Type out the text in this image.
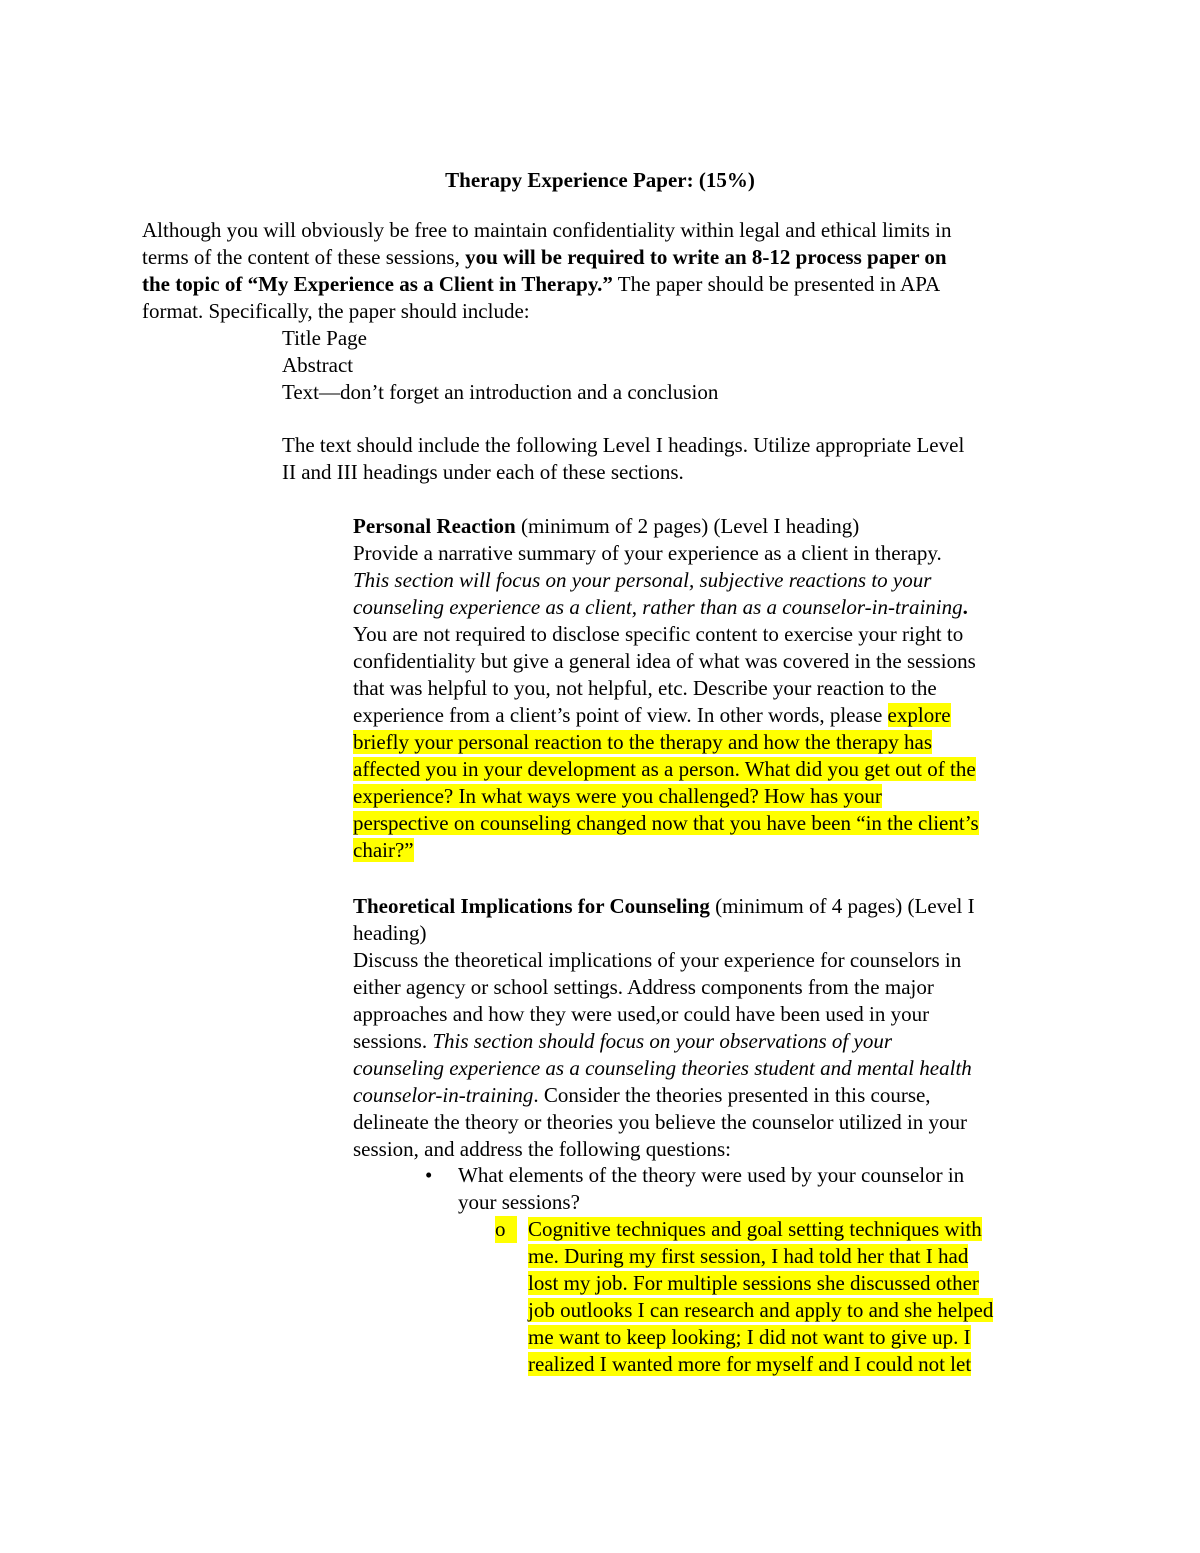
Therapy Experience Paper: (15%)
Although you will obviously be free to maintain confidentiality within legal and ethical limits in
terms of the content of these sessions, you will be required to write an 8-12 process paper on
the topic of “My Experience as a Client in Therapy.” The paper should be presented in APA
format. Specifically, the paper should include:
Title Page
Abstract
Text—don’t forget an introduction and a conclusion
The text should include the following Level I headings. Utilize appropriate Level
II and III headings under each of these sections.
Personal Reaction (minimum of 2 pages) (Level I heading)
Provide a narrative summary of your experience as a client in therapy.
This section will focus on your personal, subjective reactions to your
counseling experience as a client, rather than as a counselor-in-training.
You are not required to disclose specific content to exercise your right to
confidentiality but give a general idea of what was covered in the sessions
that was helpful to you, not helpful, etc. Describe your reaction to the
experience from a client’s point of view. In other words, please explore
briefly your personal reaction to the therapy and how the therapy has
affected you in your development as a person. What did you get out of the
experience? In what ways were you challenged? How has your
perspective on counseling changed now that you have been “in the client’s
chair?”
Theoretical Implications for Counseling (minimum of 4 pages) (Level I
heading)
Discuss the theoretical implications of your experience for counselors in
either agency or school settings. Address components from the major
approaches and how they were used,or could have been used in your
sessions. This section should focus on your observations of your
counseling experience as a counseling theories student and mental health
counselor-in-training. Consider the theories presented in this course,
delineate the theory or theories you believe the counselor utilized in your
session, and address the following questions:
•	What elements of the theory were used by your counselor in
your sessions?
o	Cognitive techniques and goal setting techniques with
me. During my first session, I had told her that I had
lost my job. For multiple sessions she discussed other
job outlooks I can research and apply to and she helped
me want to keep looking; I did not want to give up. I
realized I wanted more for myself and I could not let
